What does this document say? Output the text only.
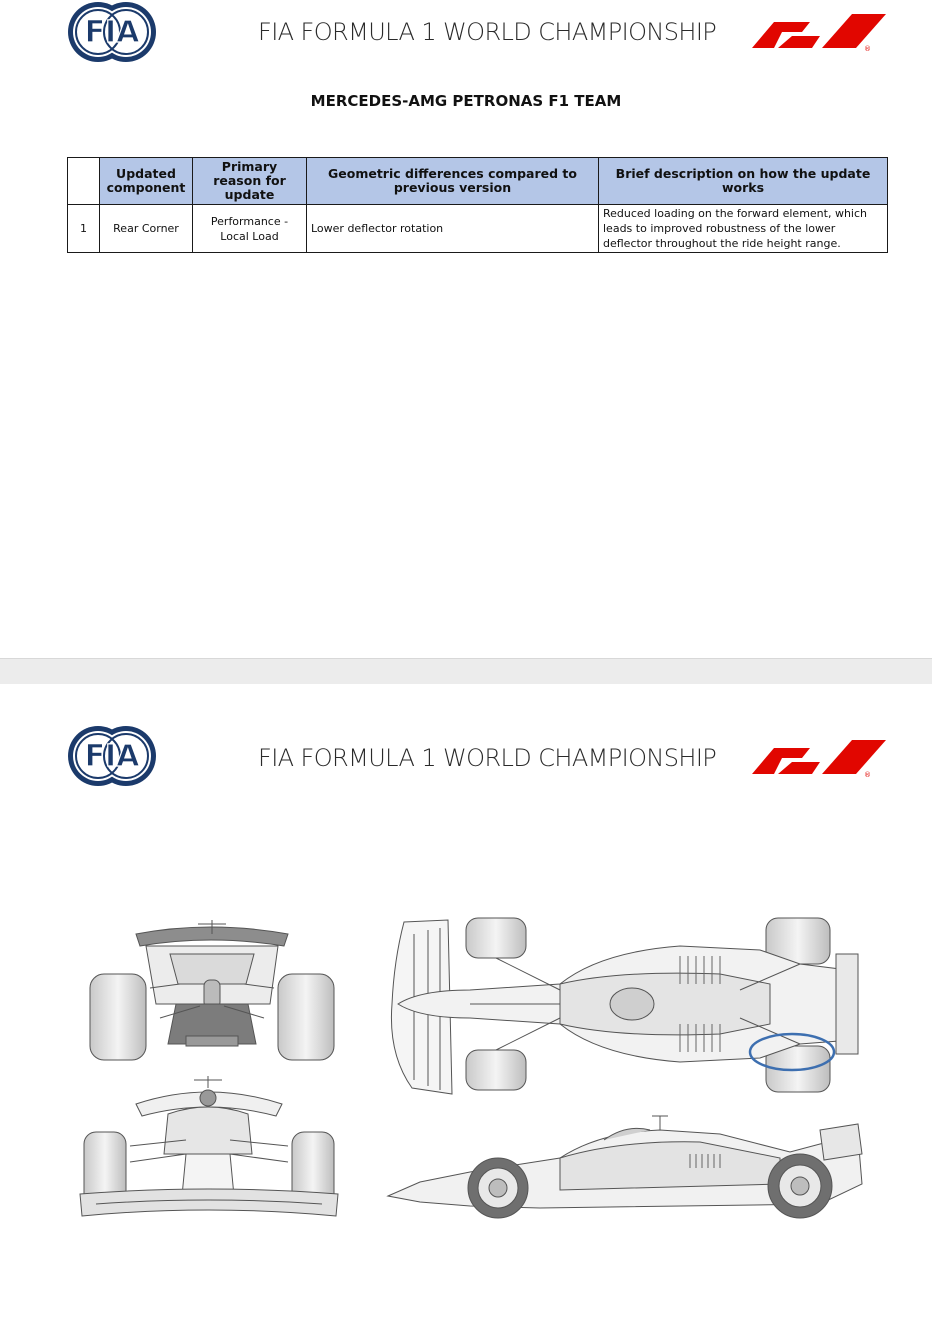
FIA	FIA FORMULA 1 WORLD CHAMPIONSHIP
®
F1
MERCEDES-AMG PETRONAS F1 TEAM
	Updated component	Primary reason for update	Geometric differences compared to previous version	Brief description on how the update works
1	Rear Corner	Performance - Local Load	Lower deflector rotation	Reduced loading on the forward element, which leads to improved robustness of the lower deflector throughout the ride height range.
FIA	FIA FORMULA 1 WORLD CHAMPIONSHIP
®
